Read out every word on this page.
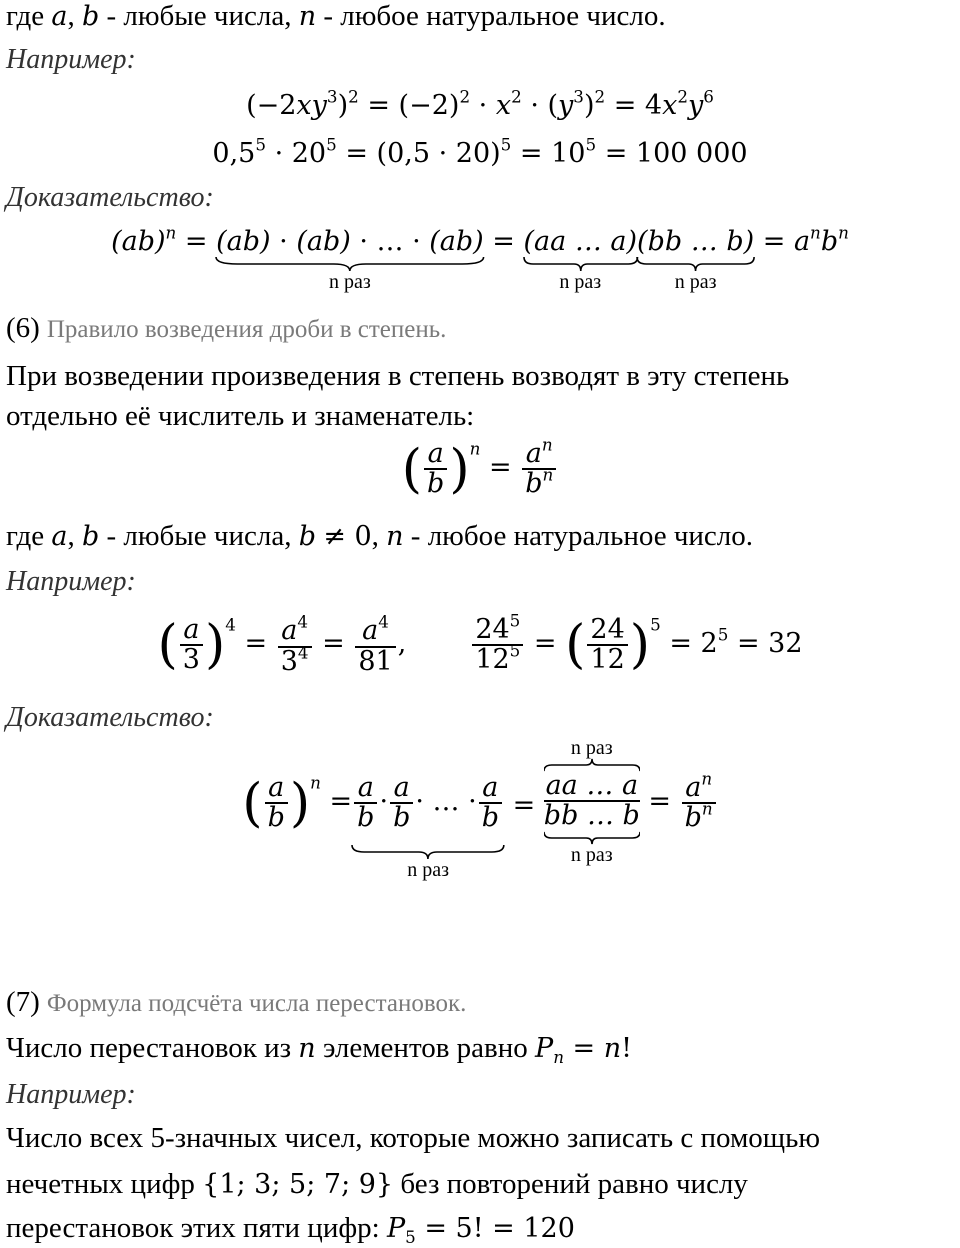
где a, b - любые числа, n - любое натуральное число.
Например:
$(-2xy^3)^2 = (-2)^2 \cdot x^2 \cdot (y^3)^2 = 4x^2y^6$
$0,5^5 \cdot 20^5 = (0,5 \cdot 20)^5 = 10^5 = 100$ 000
Доказательство:
(ab)$^n$ = (ab) · (ab) · … · (ab)
n раз
= (aa … a)
n раз
(bb … b)
n раз
= $a^nb^n$
(6) Правило возведения дроби в степень.
При возведении произведения в степень возводят в эту степень
отдельно её числитель и знаменатель:
( $\frac{a}{b} )^n = \frac{a^n}{b^n}$
где a, b - любые числа, b ≠ 0, n - любое натуральное число.
Например:
( $\frac{a}{3} )^4 = \frac{a^4}{3^4} = \frac{a^4}{81}$ , $\frac{24^5}{12^5}$ = ( $\frac{24}{12} )^5 = 2^5 = 32$
Доказательство:
( $\frac{a}{b} )^n = \frac{a}{b} \cdot \frac{a}{b}$ · … · $\frac{a}{b}$
n раз
=
n раз
aa … a
bb … b
n раз
= $\frac{a^n}{b^n}$
(7) Формула подсчёта числа перестановок.
Число перестановок из n элементов равно $P_n = n$!
Например:
Число всех 5-значных чисел, которые можно записать с помощью
нечетных цифр {1; 3; 5; 7; 9} без повторений равно числу
перестановок этих пяти цифр: $P_5 = 5$! = 120
